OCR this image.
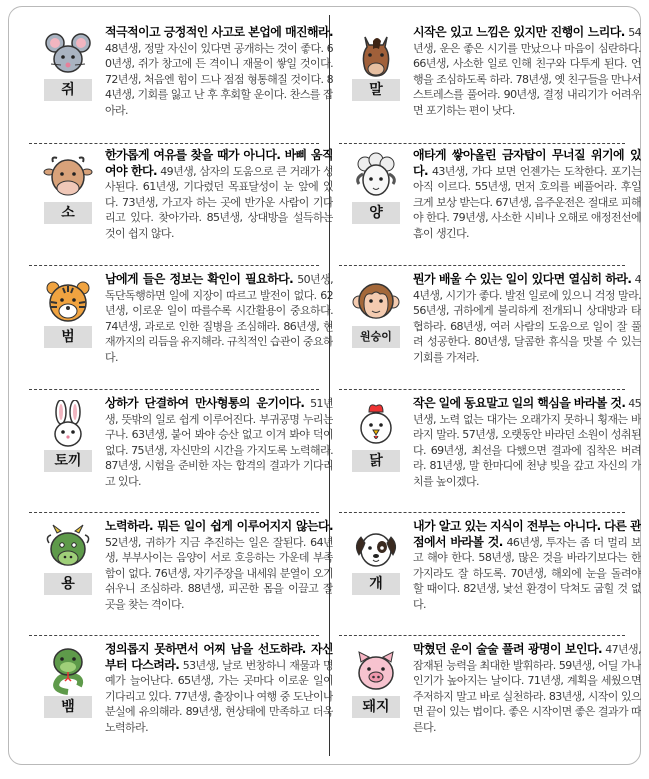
쥐
적극적이고 긍정적인 사고로 본업에 매진해라. 48년생, 정말 자신이 있다면 공개하는 것이 좋다. 60년생, 쥐가 창고에 든 격이니 재물이 쌓일 것이다. 72년생, 처음엔 힘이 드나 점점 형통해질 것이다. 84년생, 기회를 잃고 난 후 후회할 운이다. 찬스를 잡아라.
말
시작은 있고 느낌은 있지만 진행이 느리다. 54년생, 운은 좋은 시기를 만났으나 마음이 심란하다. 66년생, 사소한 일로 인해 친구와 다투게 된다. 언행을 조심하도록 하라. 78년생, 옛 친구들을 만나서 스트레스를 풀어라. 90년생, 결정 내리기가 어려우면 포기하는 편이 낫다.
소
한가롭게 여유를 찾을 때가 아니다. 바삐 움직여야 한다. 49년생, 삼자의 도움으로 큰 거래가 성사된다. 61년생, 기다렸던 목표달성이 눈 앞에 있다. 73년생, 가고자 하는 곳에 반가운 사람이 기다리고 있다. 찾아가라. 85년생, 상대방을 설득하는 것이 쉽지 않다.
양
애타게 쌓아올린 금자탑이 무너질 위기에 있다. 43년생, 가다 보면 언젠가는 도착한다. 포기는 아직 이르다. 55년생, 먼저 호의를 베풀어라. 후일 크게 보상 받는다. 67년생, 음주운전은 절대로 피해야 한다. 79년생, 사소한 시비나 오해로 애정전선에 흠이 생긴다.
범
남에게 들은 정보는 확인이 필요하다. 50년생, 독단독행하면 일에 지장이 따르고 발전이 없다. 62년생, 이로운 일이 따를수록 시간활용이 중요하다. 74년생, 과로로 인한 질병을 조심해라. 86년생, 현재까지의 리듬을 유지해라. 규칙적인 습관이 중요하다.
원숭이
뭔가 배울 수 있는 일이 있다면 열심히 하라. 44년생, 시기가 좋다. 발전 일로에 있으니 걱정 말라. 56년생, 귀하에게 불리하게 전개되니 상대방과 타협하라. 68년생, 여러 사람의 도움으로 일이 잘 풀려 성공한다. 80년생, 달콤한 휴식을 맛볼 수 있는 기회를 가져라.
토끼
상하가 단결하여 만사형통의 운기이다. 51년생, 뜻밖의 일로 쉽게 이루어진다. 부귀공명 누리는구나. 63년생, 붙어 봐야 승산 없고 이겨 봐야 덕이 없다. 75년생, 자신만의 시간을 가지도록 노력해라. 87년생, 시험을 준비한 자는 합격의 결과가 기다리고 있다.
닭
작은 일에 동요말고 일의 핵심을 바라볼 것. 45년생, 노력 없는 대가는 오래가지 못하니 횡재는 바라지 말라. 57년생, 오랫동안 바라던 소원이 성취된다. 69년생, 최선을 다했으면 결과에 집착은 버려라. 81년생, 말 한마디에 천냥 빚을 갚고 자신의 가치를 높이겠다.
용
노력하라. 뭐든 일이 쉽게 이루어지지 않는다. 52년생, 귀하가 지금 추진하는 일은 잘된다. 64년생, 부부사이는 음양이 서로 호응하는 가운데 부족함이 없다. 76년생, 자기주장을 내세워 분열이 오기 쉬우니 조심하라. 88년생, 피곤한 몸을 이끌고 잘 곳을 찾는 격이다.
개
내가 알고 있는 지식이 전부는 아니다. 다른 관점에서 바라볼 것. 46년생, 투자는 좀 더 멀리 보고 해야 한다. 58년생, 많은 것을 바라기보다는 한 가지라도 잘 하도록. 70년생, 해외에 눈을 돌려야 할 때이다. 82년생, 낯선 환경이 닥쳐도 굽힐 것 없다.
뱀
정의롭지 못하면서 어찌 남을 선도하랴. 자신부터 다스려라. 53년생, 날로 번창하니 재물과 명예가 늘어난다. 65년생, 가는 곳마다 이로운 일이 기다리고 있다. 77년생, 출장이나 여행 중 도난이나 분실에 유의해라. 89년생, 현상태에 만족하고 더욱 노력하라.
돼지
막혔던 운이 술술 풀려 광명이 보인다. 47년생, 잠재된 능력을 최대한 발휘하라. 59년생, 어딜 가나 인기가 높아지는 날이다. 71년생, 계획을 세웠으면 주저하지 말고 바로 실천하라. 83년생, 시작이 있으면 끝이 있는 법이다. 좋은 시작이면 좋은 결과가 따른다.
